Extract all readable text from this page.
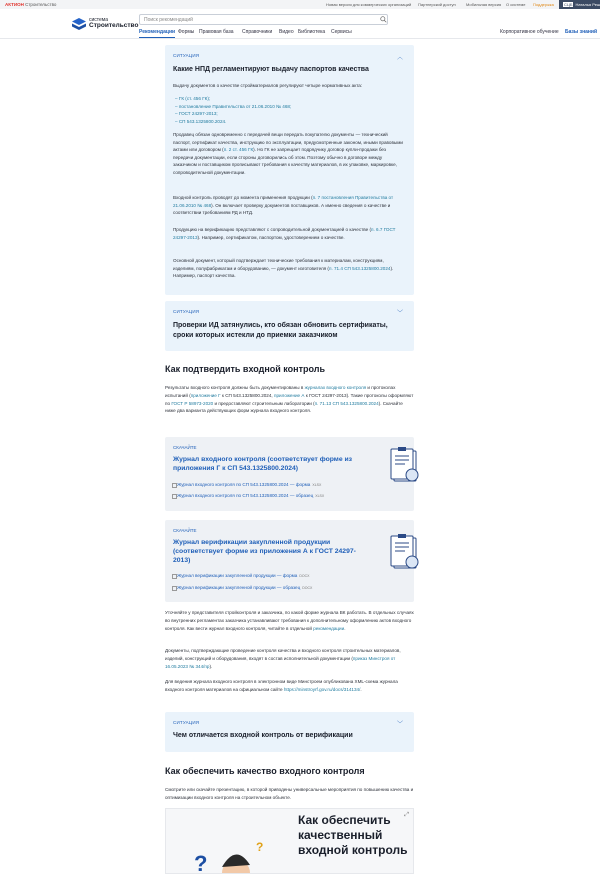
АКТИОН Строительство	Новая версия для коммерческих организаций Партнерский доступ	Мобильная версия О системе Поддержка	СЦБ Наталья Реш
система
Строительство
Поиск рекомендаций
Рекомендации Формы Правовая база Справочники Видео Библиотека Сервисы	Корпоративное обучение Базы знаний
СИТУАЦИЯ	︿
Какие НПД регламентируют выдачу паспортов качества

Выдачу документов о качестве стройматериалов регулируют четыре нормативных акта:

– ГК (ст. 456 ГК);
– постановление Правительства от 21.06.2010 № 468;
– ГОСТ 24297-2013;
– СП 543.1325800.2024.

Продавец обязан одновременно с передачей вещи передать покупателю документы — технический паспорт, сертификат качества, инструкцию по эксплуатации, предусмотренные законом, иными правовыми актами или договором (п. 2 ст. 456 ГК). Но ГК не запрещает подрядчику договор купли-продажи без передачи документации, если стороны договорились об этом. Поэтому обычно в договоре между заказчиком и поставщиком прописывают требования к качеству материалов, в их упаковке, маркировке, сопроводительной документации.

Входной контроль проводят до момента применения продукции (п. 7 постановления Правительства от 21.06.2010 № 468). Он включает проверку документов поставщиков. А именно сведения о качестве и соответствии требованиям РД и НТД.

Продукцию на верификацию представляют с сопроводительной документацией о качестве (п. 6.7 ГОСТ 24297-2013). Например, сертификатом, паспортом, удостоверением о качестве.

Основной документ, который подтверждает технические требования к материалам, конструкциям, изделиям, полуфабрикатам и оборудованию, — документ изготовителя (п. 71.4 СП 543.1325800.2024). Например, паспорт качества.

СИТУАЦИЯ	﹀
Проверки ИД затянулись, кто обязан обновить сертификаты, сроки которых истекли до приемки заказчиком
Как подтвердить входной контроль
Результаты входного контроля должны быть документированы в журналах входного контроля и протоколах испытаний (приложение Г к СП 543.1325800.2024, приложение А к ГОСТ 24297-2013). Такие протоколы оформляют по ГОСТ Р 58973-2020 и предоставляют строительным лаборатории (п. 71.13 СП 543.1325800.2024). Скачайте ниже два варианта действующих форм журнала входного контроля.
СКАЧАЙТЕ
Журнал входного контроля (соответствует форме из приложения Г к СП 543.1325800.2024)
Журнал входного контроля по СП 543.1325800.2024 — форма XLSX
Журнал входного контроля по СП 543.1325800.2024 — образец XLSX
СКАЧАЙТЕ
Журнал верификации закупленной продукции (соответствует форме из приложения А к ГОСТ 24297-2013)
Журнал верификации закупленной продукции — форма DOCX
Журнал верификации закупленной продукции — образец DOCX
Уточняйте у представителя стройконтроля и заказчика, по какой форме журнала ВК работать. В отдельных случаях во внутренних регламентах заказчика устанавливают требования к дополнительному оформлению актов входного контроля. Как вести журнал входного контроля, читайте в отдельной рекомендации.
Документы, подтверждающие проведение контроля качества и входного контроля строительных материалов, изделий, конструкций и оборудования, входят в состав исполнительной документации (приказ Минстроя от 16.05.2023 № 344/пр).
Для ведения журнала входного контроля в электронном виде Минстроем опубликована XML-схема журнала входного контроля материалов на официальном сайте https://minstroyrf.gov.ru/docs/314134/.
СИТУАЦИЯ	﹀
Чем отличается входной контроль от верификации
Как обеспечить качество входного контроля
Смотрите или скачайте презентацию, в которой приводены универсальные мероприятия по повышению качества и оптимизации входного контроля на строительном объекте.
⤢
?
?
Как обеспечить качественный входной контроль
